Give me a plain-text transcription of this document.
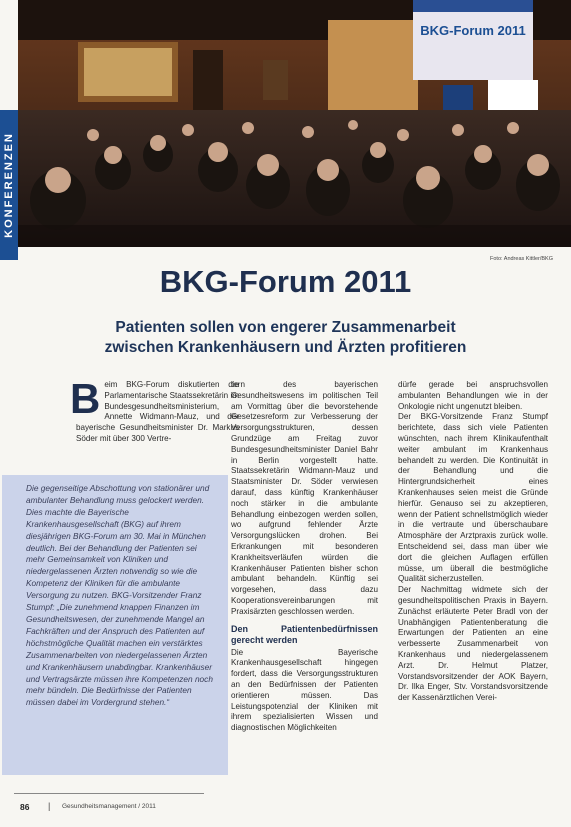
BKG-Forum 2011
KONFERENZEN
Foto: Andreas Kittler/BKG
BKG-Forum 2011
Patienten sollen von engerer Zusammenarbeit
zwischen Krankenhäusern und Ärzten profitieren
B eim BKG-Forum diskutierten die Parlamentarische Staatssekretärin im Bundesgesundheitsministerium, Annette Widmann-Mauz, und der bayerische Gesundheitsminister Dr. Markus Söder mit über 300 Vertre-

Die gegenseitige Abschottung von stationärer und ambulanter Behandlung muss gelockert werden. Dies machte die Bayerische Krankenhausgesellschaft (BKG) auf ihrem diesjährigen BKG-Forum am 30. Mai in München deutlich. Bei der Behandlung der Patienten sei mehr Gemeinsamkeit von Kliniken und niedergelassenen Ärzten notwendig so wie die Kompetenz der Kliniken für die ambulante Versorgung zu nutzen. BKG-Vorsitzender Franz Stumpf: „Die zunehmend knappen Finanzen im Gesundheitswesen, der zunehmende Mangel an Fachkräften und der Anspruch des Patienten auf höchstmögliche Qualität machen ein verstärktes Zusammenarbeiten von niedergelassenen Ärzten und Krankenhäusern unabdingbar. Krankenhäuser und Vertragsärzte müssen ihre Kompetenzen noch mehr bündeln. Die Bedürfnisse der Patienten müssen dabei im Vordergrund stehen.“

tern des bayerischen Gesundheitswesens im politischen Teil am Vormittag über die bevorstehende Gesetzesreform zur Verbesserung der Versorgungsstrukturen, dessen Grundzüge am Freitag zuvor Bundesgesundheitsminister Daniel Bahr in Berlin vorgestellt hatte. Staatssekretärin Widmann-Mauz und Staatsminister Dr. Söder verwiesen darauf, dass künftig Krankenhäuser noch stärker in die ambulante Behandlung einbezogen werden sollen, wo aufgrund fehlender Ärzte Versorgungslücken drohen. Bei Erkrankungen mit besonderen Krankheitsverläufen würden die Krankenhäuser Patienten bisher schon ambulant behandeln. Künftig sei vorgesehen, dass dazu Kooperationsvereinbarungen mit Praxisärzten geschlossen werden.

Den Patientenbedürfnissen gerecht werden

Die Bayerische Krankenhausgesellschaft hingegen fordert, dass die Versorgungsstrukturen an den Bedürfnissen der Patienten orientieren müssen. Das Leistungspotenzial der Kliniken mit ihrem spezialisierten Wissen und diagnostischen Möglichkeiten

dürfe gerade bei anspruchsvollen ambulanten Behandlungen wie in der Onkologie nicht ungenutzt bleiben.

Der BKG-Vorsitzende Franz Stumpf berichtete, dass sich viele Patienten wünschten, nach ihrem Klinikaufenthalt weiter ambulant im Krankenhaus behandelt zu werden. Die Kontinuität in der Behandlung und die Hintergrundsicherheit eines Krankenhauses seien meist die Gründe hierfür. Genauso sei zu akzeptieren, wenn der Patient schnellstmöglich wieder in die vertraute und überschaubare Atmosphäre der Arztpraxis zurück wolle. Entscheidend sei, dass man über wie dort die gleichen Auflagen erfüllen müsse, um überall die bestmögliche Qualität sicherzustellen.

Der Nachmittag widmete sich der gesundheitspolitischen Praxis in Bayern. Zunächst erläuterte Peter Bradl von der Unabhängigen Patientenberatung die Erwartungen der Patienten an eine verbesserte Zusammenarbeit von Krankenhaus und niedergelassenem Arzt. Dr. Helmut Platzer, Vorstandsvorsitzender der AOK Bayern, Dr. Ilka Enger, Stv. Vorstandsvorsitzende der Kassenärztlichen Verei-

86 | Gesundheitsmanagement / 2011
